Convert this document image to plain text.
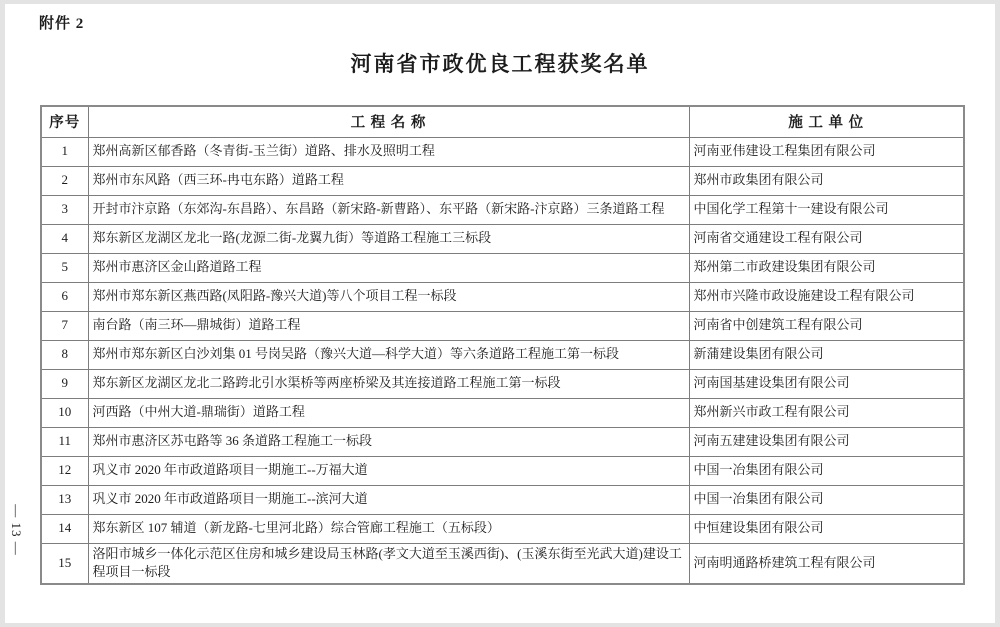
附件 2
河南省市政优良工程获奖名单
序号	工 程 名 称	施 工 单 位
1	郑州高新区郁香路（冬青街-玉兰街）道路、排水及照明工程	河南亚伟建设工程集团有限公司
2	郑州市东风路（西三环-冉屯东路）道路工程	郑州市政集团有限公司
3	开封市汴京路（东郊沟-东昌路）、东昌路（新宋路-新曹路）、东平路（新宋路-汴京路）三条道路工程	中国化学工程第十一建设有限公司
4	郑东新区龙湖区龙北一路(龙源二街-龙翼九街）等道路工程施工三标段	河南省交通建设工程有限公司
5	郑州市惠济区金山路道路工程	郑州第二市政建设集团有限公司
6	郑州市郑东新区燕西路(凤阳路-豫兴大道)等八个项目工程一标段	郑州市兴隆市政设施建设工程有限公司
7	南台路（南三环—鼎城街）道路工程	河南省中创建筑工程有限公司
8	郑州市郑东新区白沙刘集 01 号岗吴路（豫兴大道—科学大道）等六条道路工程施工第一标段	新蒲建设集团有限公司
9	郑东新区龙湖区龙北二路跨北引水渠桥等两座桥梁及其连接道路工程施工第一标段	河南国基建设集团有限公司
10	河西路（中州大道-鼎瑞街）道路工程	郑州新兴市政工程有限公司
11	郑州市惠济区苏屯路等 36 条道路工程施工一标段	河南五建建设集团有限公司
12	巩义市 2020 年市政道路项目一期施工--万福大道	中国一冶集团有限公司
13	巩义市 2020 年市政道路项目一期施工--滨河大道	中国一冶集团有限公司
14	郑东新区 107 辅道（新龙路-七里河北路）综合管廊工程施工（五标段）	中恒建设集团有限公司
15	洛阳市城乡一体化示范区住房和城乡建设局玉林路(孝文大道至玉溪西街)、(玉溪东街至光武大道)建设工程项目一标段	河南明通路桥建筑工程有限公司
— 13 —
